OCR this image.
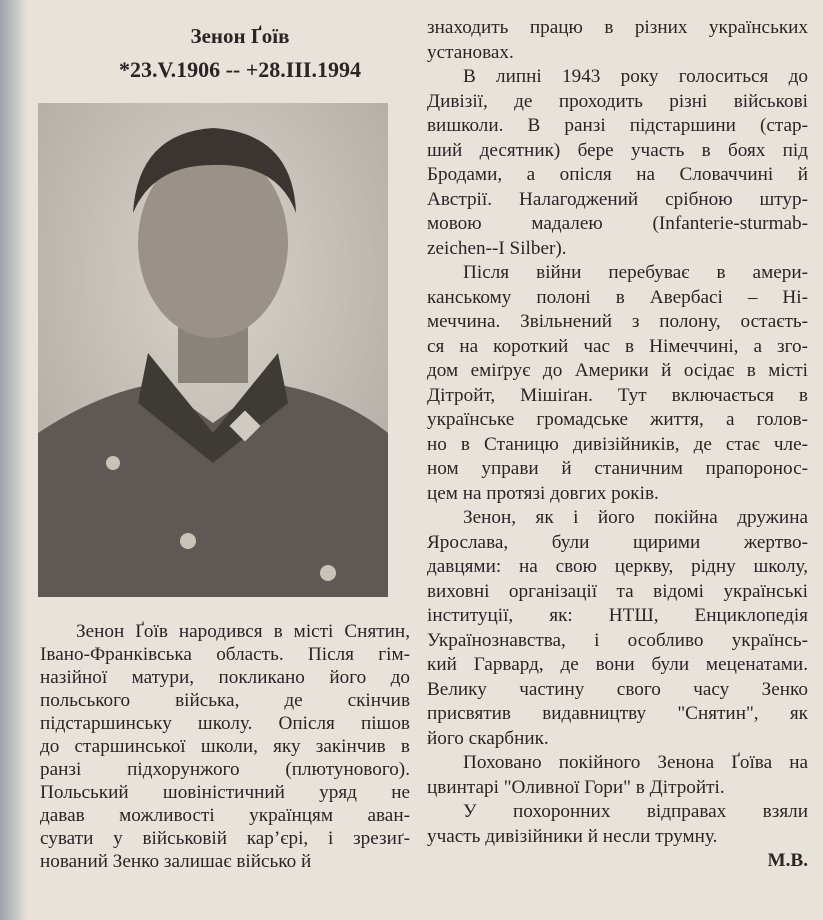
Зенон Ґоїв
*23.V.1906 -- +28.III.1994
Зенон Ґоїв народився в місті Снятин,
Івано-Франківська область. Після гім-
назійної матури, покликано його до
польського війська, де скінчив
підстаршинську школу. Опісля пішов
до старшинської школи, яку закінчив в
ранзі підхорунжого (плютунового).
Польський шовіністичний уряд не
давав можливості українцям аван-
сувати у військовій кар’єрі, і зрезиґ-
нований Зенко залишає військо й
знаходить працю в різних українських
установах.
В липні 1943 року голоситься до
Дивізії, де проходить різні військові
вишколи. В ранзі підстаршини (стар-
ший десятник) бере участь в боях під
Бродами, а опісля на Словаччині й
Австрії. Налагоджений срібною штур-
мовою мадалею (Infanterie-sturmab-
zeichen--I Silber).
Після війни перебуває в амери-
канському полоні в Авербасі – Ні-
меччина. Звільнений з полону, остаєть-
ся на короткий час в Німеччині, а зго-
дом еміґрує до Америки й осідає в місті
Дітройт, Мішіґан. Тут включається в
українське громадське життя, а голов-
но в Станицю дивізійників, де стає чле-
ном управи й станичним прапоронос-
цем на протязі довгих років.
Зенон, як і його покійна дружина
Ярослава, були щирими жертво-
давцями: на свою церкву, рідну школу,
виховні організації та відомі українські
інституції, як: НТШ, Енциклопедія
Українознавства, і особливо українсь-
кий Гарвард, де вони були меценатами.
Велику частину свого часу Зенко
присвятив видавництву "Снятин", як
його скарбник.
Поховано покійного Зенона Ґоїва на
цвинтарі "Оливної Гори" в Дітройті.
У похоронних відправах взяли
участь дивізійники й несли трумну.
М.В.
